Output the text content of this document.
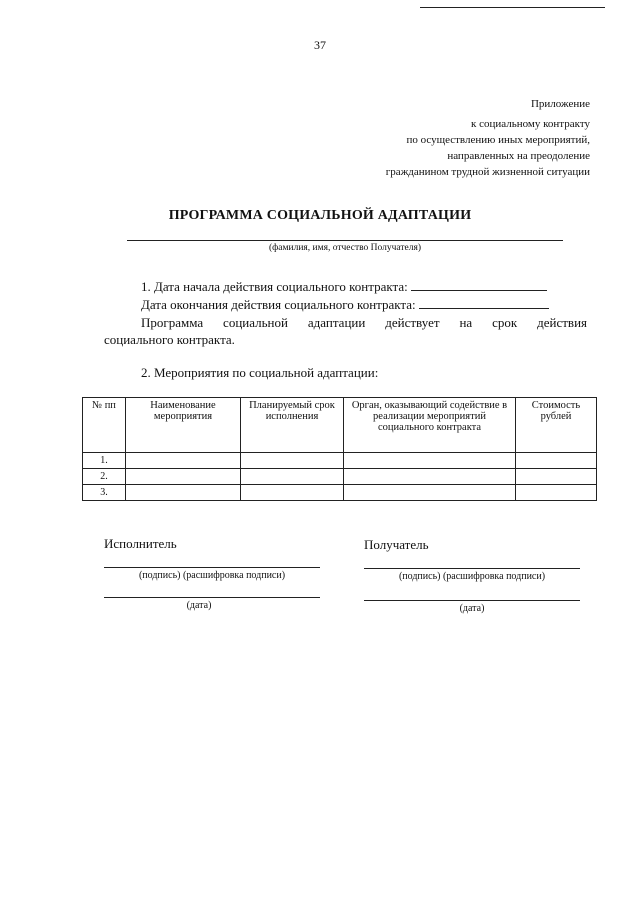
37
Приложение
к социальному контракту
по осуществлению иных мероприятий,
направленных на преодоление
гражданином трудной жизненной ситуации
ПРОГРАММА СОЦИАЛЬНОЙ АДАПТАЦИИ
(фамилия, имя, отчество Получателя)
1. Дата начала действия социального контракта:
Дата окончания действия социального контракта:
Программа социальной адаптации действует на срок действия
социального контракта.
2. Мероприятия по социальной адаптации:
№ пп	Наименование мероприятия	Планируемый срок исполнения	Орган, оказывающий содействие в реализации мероприятий социального контракта	Стоимость рублей
1.				
2.				
3.				
Исполнитель
(подпись) (расшифровка подписи)
(дата)
Получатель
(подпись) (расшифровка подписи)
(дата)
